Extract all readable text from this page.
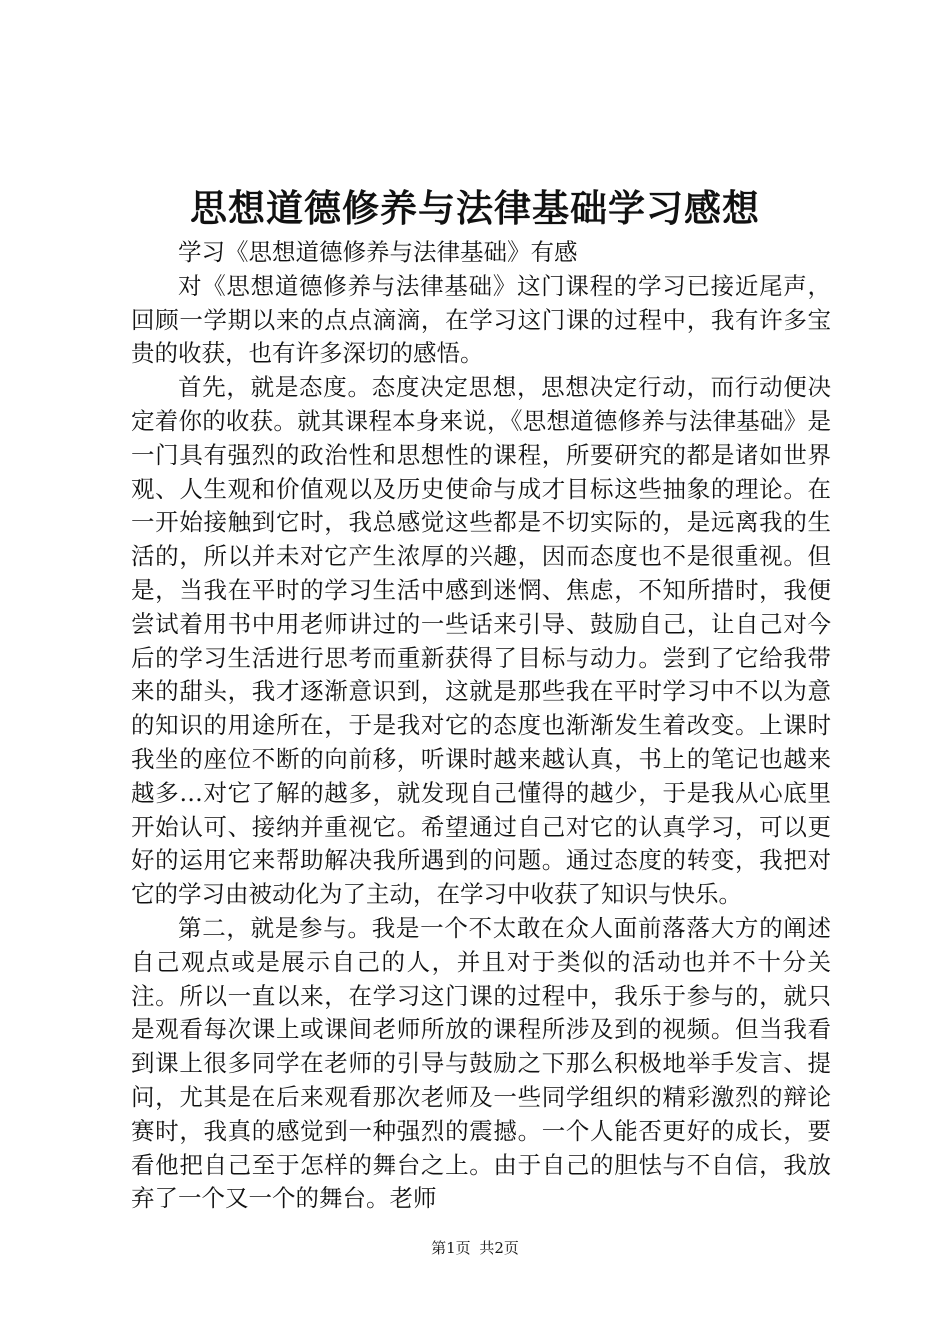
思想道德修养与法律基础学习感想

学习《思想道德修养与法律基础》有感

对《思想道德修养与法律基础》这门课程的学习已接近尾声，回顾一学期以来的点点滴滴，在学习这门课的过程中，我有许多宝贵的收获，也有许多深切的感悟。

首先，就是态度。态度决定思想，思想决定行动，而行动便决定着你的收获。就其课程本身来说，《思想道德修养与法律基础》是一门具有强烈的政治性和思想性的课程，所要研究的都是诸如世界观、人生观和价值观以及历史使命与成才目标这些抽象的理论。在一开始接触到它时，我总感觉这些都是不切实际的，是远离我的生活的，所以并未对它产生浓厚的兴趣，因而态度也不是很重视。但是，当我在平时的学习生活中感到迷惘、焦虑，不知所措时，我便尝试着用书中用老师讲过的一些话来引导、鼓励自己，让自己对今后的学习生活进行思考而重新获得了目标与动力。尝到了它给我带来的甜头，我才逐渐意识到，这就是那些我在平时学习中不以为意的知识的用途所在，于是我对它的态度也渐渐发生着改变。上课时我坐的座位不断的向前移，听课时越来越认真，书上的笔记也越来越多…对它了解的越多，就发现自己懂得的越少，于是我从心底里开始认可、接纳并重视它。希望通过自己对它的认真学习，可以更好的运用它来帮助解决我所遇到的问题。通过态度的转变，我把对它的学习由被动化为了主动，在学习中收获了知识与快乐。

第二，就是参与。我是一个不太敢在众人面前落落大方的阐述自己观点或是展示自己的人，并且对于类似的活动也并不十分关注。所以一直以来，在学习这门课的过程中，我乐于参与的，就只是观看每次课上或课间老师所放的课程所涉及到的视频。但当我看到课上很多同学在老师的引导与鼓励之下那么积极地举手发言、提问，尤其是在后来观看那次老师及一些同学组织的精彩激烈的辩论赛时，我真的感觉到一种强烈的震撼。一个人能否更好的成长，要看他把自己至于怎样的舞台之上。由于自己的胆怯与不自信，我放弃了一个又一个的舞台。老师

第1页 共2页
